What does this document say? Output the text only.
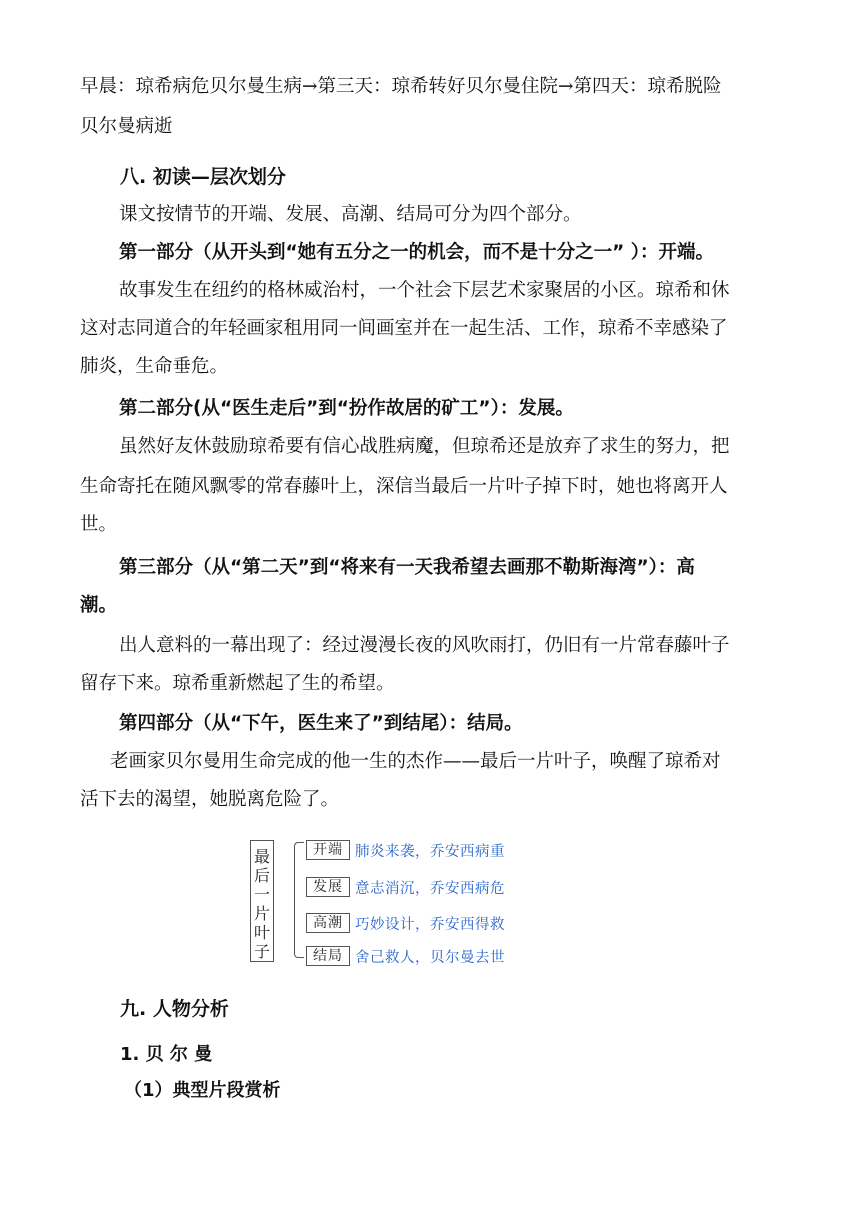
早晨：琼希病危贝尔曼生病→第三天：琼希转好贝尔曼住院→第四天：琼希脱险
贝尔曼病逝
八. 初读—层次划分
课文按情节的开端、发展、高潮、结局可分为四个部分。
第一部分（从开头到“她有五分之一的机会，而不是十分之一” ）：开端。
故事发生在纽约的格林威治村，一个社会下层艺术家聚居的小区。琼希和休
这对志同道合的年轻画家租用同一间画室并在一起生活、工作，琼希不幸感染了
肺炎，生命垂危。
第二部分(从“医生走后”到“扮作故居的矿工”）：发展。
虽然好友休鼓励琼希要有信心战胜病魔，但琼希还是放弃了求生的努力，把
生命寄托在随风飘零的常春藤叶上，深信当最后一片叶子掉下时，她也将离开人
世。
第三部分（从“第二天”到“将来有一天我希望去画那不勒斯海湾”）：高
潮。
出人意料的一幕出现了：经过漫漫长夜的风吹雨打，仍旧有一片常春藤叶子
留存下来。琼希重新燃起了生的希望。
第四部分（从“下午，医生来了”到结尾）：结局。
老画家贝尔曼用生命完成的他一生的杰作——最后一片叶子，唤醒了琼希对
活下去的渴望，她脱离危险了。
最
后
一
片
叶
子
开端 肺炎来袭，乔安西病重
发展 意志消沉，乔安西病危
高潮 巧妙设计，乔安西得救
结局 舍己救人，贝尔曼去世
九. 人物分析
1. 贝 尔 曼
（1）典型片段赏析
